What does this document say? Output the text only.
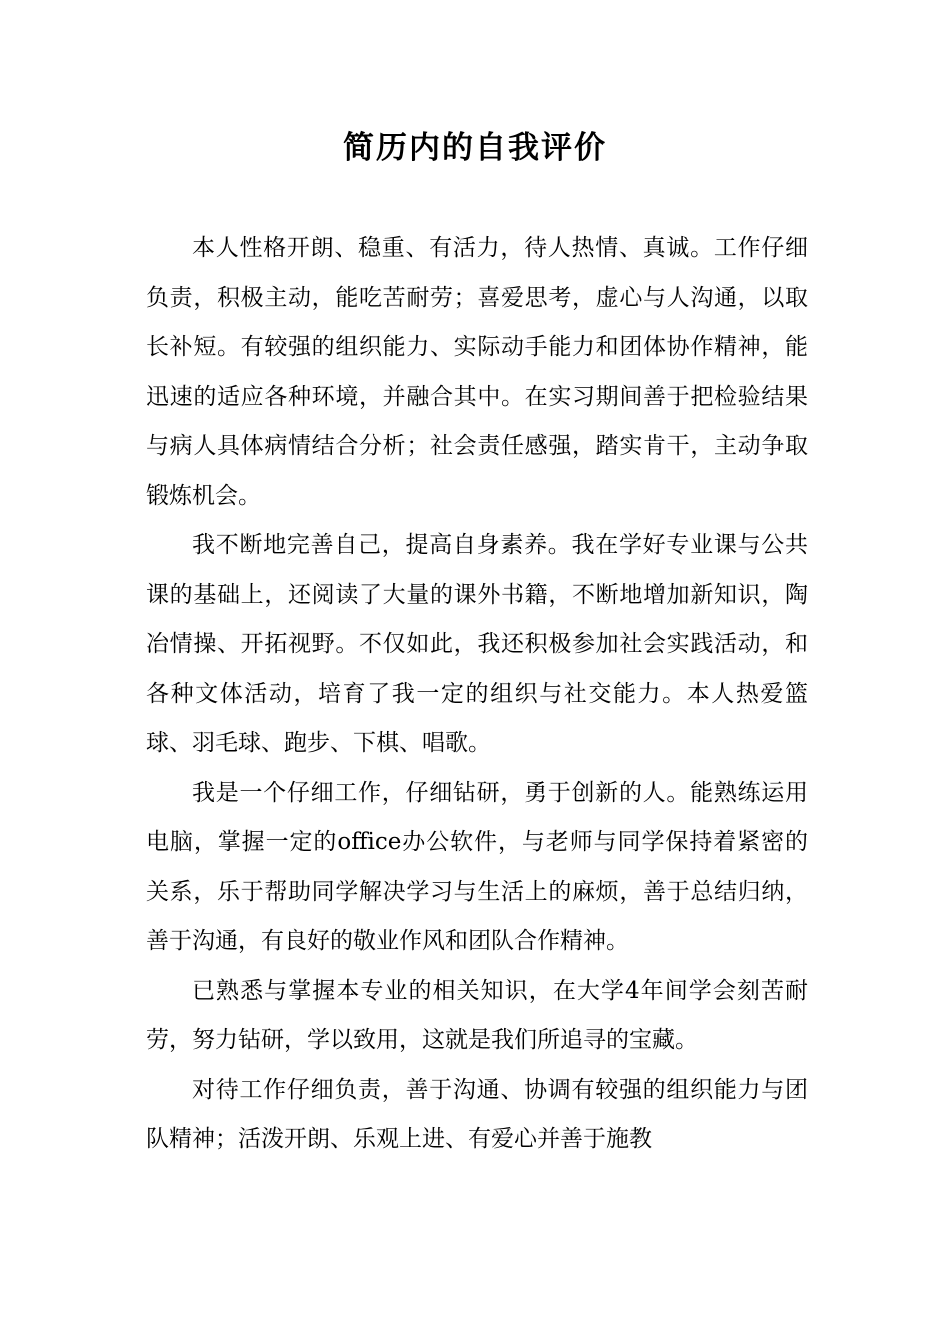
简历内的自我评价

本人性格开朗、稳重、有活力，待人热情、真诚。工作仔细负责，积极主动，能吃苦耐劳；喜爱思考，虚心与人沟通，以取长补短。有较强的组织能力、实际动手能力和团体协作精神，能迅速的适应各种环境，并融合其中。在实习期间善于把检验结果与病人具体病情结合分析；社会责任感强，踏实肯干，主动争取锻炼机会。

我不断地完善自己，提高自身素养。我在学好专业课与公共课的基础上，还阅读了大量的课外书籍，不断地增加新知识，陶冶情操、开拓视野。不仅如此，我还积极参加社会实践活动，和各种文体活动，培育了我一定的组织与社交能力。本人热爱篮球、羽毛球、跑步、下棋、唱歌。

我是一个仔细工作，仔细钻研，勇于创新的人。能熟练运用电脑，掌握一定的office办公软件，与老师与同学保持着紧密的关系，乐于帮助同学解决学习与生活上的麻烦，善于总结归纳，善于沟通，有良好的敬业作风和团队合作精神。

已熟悉与掌握本专业的相关知识，在大学4年间学会刻苦耐劳，努力钻研，学以致用，这就是我们所追寻的宝藏。

对待工作仔细负责，善于沟通、协调有较强的组织能力与团队精神；活泼开朗、乐观上进、有爱心并善于施教
